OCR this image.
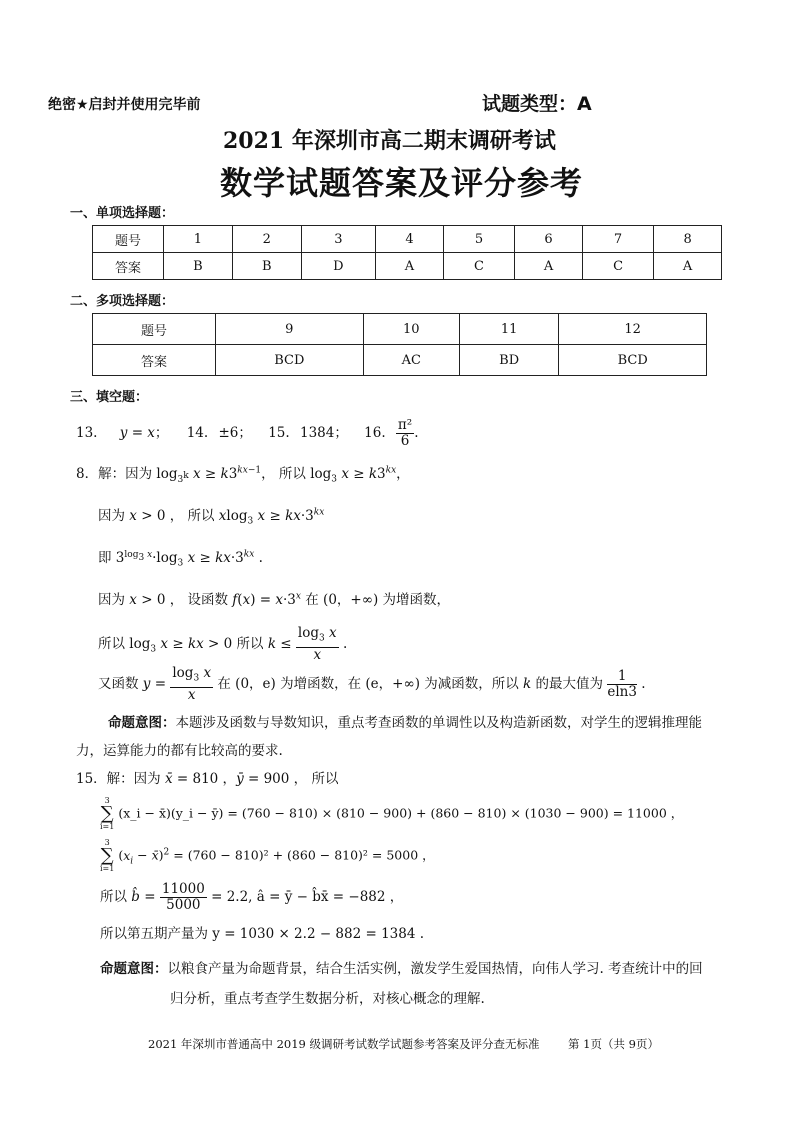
绝密★启封并使用完毕前	试题类型：A
2021 年深圳市高二期末调研考试
数学试题答案及评分参考
一、单项选择题：
题号	1	2	3	4	5	6	7	8
答案	B	B	D	A	C	A	C	A
二、多项选择题：
题号	9	10	11	12
答案	BCD	AC	BD	BCD
三、填空题：
13. y = x； 14. ±6； 15. 1384； 16. $\frac{\text{π²}}{6}$ .
8．解：因为 $\log_{3^k} x \ge k3^{kx-1}$， 所以 $\log_3 x \ge k3^{kx}$，
因为 x > 0 ， 所以 xlog$_3$ $x \ge kx\cdot 3^{kx}$
即 $3^{log_3 x}\cdot\log_3$ $x \ge kx\cdot 3^{kx}$ .
因为 x > 0 ， 设函数 $f(x) = x\cdot 3^x$ 在 (0，+∞) 为增函数，
所以 $\log_3 x$ ≥ kx > 0 所以 $k \le \frac{\log_3 x}{x}$ .
又函数 $y = \frac{\log_3 x}{x}$ 在 (0，e) 为增函数，在 (e，+∞) 为减函数，所以 k 的最大值为 $\frac{1}{eln3}$ .
命题意图：本题涉及函数与导数知识，重点考查函数的单调性以及构造新函数，对学生的逻辑推理能
力，运算能力的都有比较高的要求.
15．解：因为 x̄ = 810 ，ȳ = 900 ， 所以
3
∑
i=1
(x_i − x̄)(y_i − ȳ) = (760 − 810) × (810 − 900) + (860 − 810) × (1030 − 900) = 11000 ，
3
∑
i=1
($x_i$ − x̄)$^2$ = (760 − 810)² + (860 − 810)² = 5000 ，
所以 b̂ = $\frac{11000}{5000} = 2.2$, â = ȳ − b̂x̄ = −882 ，
所以第五期产量为 y = 1030 × 2.2 − 882 = 1384 .
命题意图：以粮食产量为命题背景，结合生活实例，激发学生爱国热情，向伟人学习. 考查统计中的回
归分析，重点考查学生数据分析，对核心概念的理解.
2021 年深圳市普通高中 2019 级调研考试数学试题参考答案及评分查无标准 第 1页（共 9页）
